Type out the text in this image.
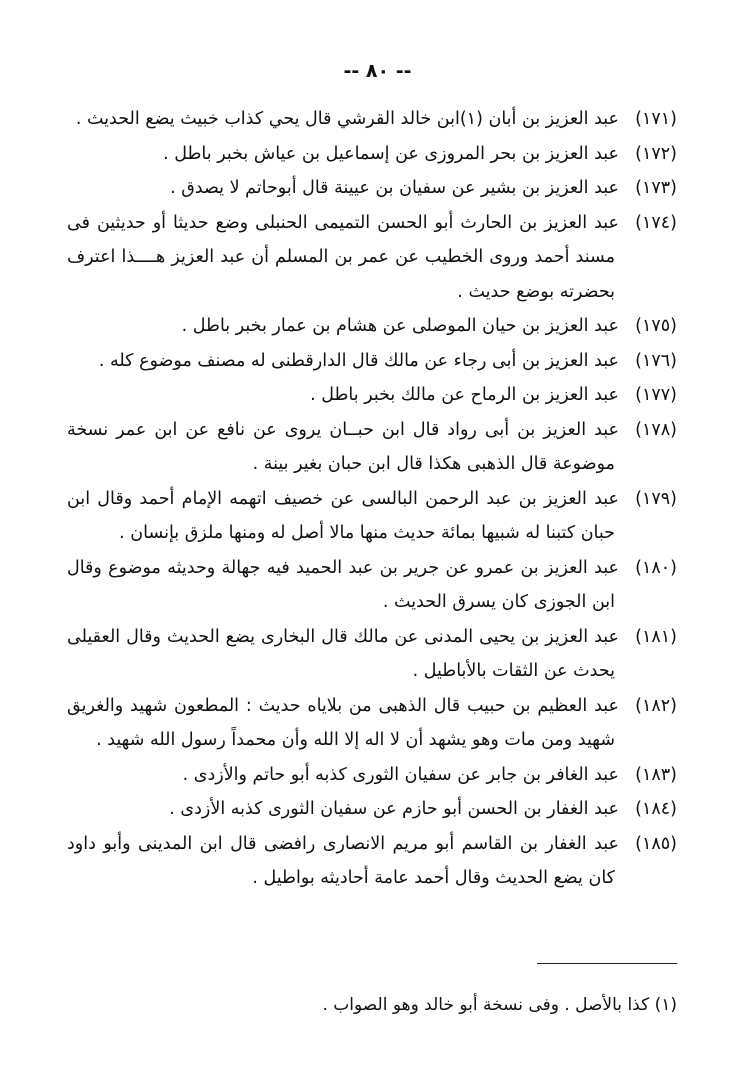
-- ٨٠ --

(١٧١)عبد العزيز بن أبان (١)ابن خالد القرشي قال يحي كذاب خبيث يضع الحديث .

(١٧٢)عبد العزيز بن بحر المروزى عن إسماعيل بن عياش بخبر باطل .

(١٧٣)عبد العزيز بن بشير عن سفيان بن عيينة قال أبوحاتم لا يصدق .

(١٧٤)عبد العزيز بن الحارث أبو الحسن التميمى الحنبلى وضع حديثا أو حديثين فى مسند أحمد وروى الخطيب عن عمر بن المسلم أن عبد العزيز هــــذا اعترف بحضرته بوضع حديث .

(١٧٥)عبد العزيز بن حيان الموصلى عن هشام بن عمار بخبر باطل .

(١٧٦)عبد العزيز بن أبى رجاء عن مالك قال الدارقطنى له مصنف موضوع كله .

(١٧٧)عبد العزيز بن الرماح عن مالك بخبر باطل .

(١٧٨)عبد العزيز بن أبى رواد قال ابن حبــان يروى عن نافع عن ابن عمر نسخة موضوعة قال الذهبى هكذا قال ابن حبان بغير بينة .

(١٧٩)عبد العزيز بن عبد الرحمن البالسى عن خصيف اتهمه الإمام أحمد وقال ابن حبان كتبنا له شبيها بمائة حديث منها مالا أصل له ومنها ملزق بإنسان .

(١٨٠)عبد العزيز بن عمرو عن جرير بن عبد الحميد فيه جهالة وحديثه موضوع وقال ابن الجوزى كان يسرق الحديث .

(١٨١)عبد العزيز بن يحيى المدنى عن مالك قال البخارى يضع الحديث وقال العقيلى يحدث عن الثقات بالأباطيل .

(١٨٢)عبد العظيم بن حبيب قال الذهبى من بلاياه حديث : المطعون شهيد والغريق شهيد ومن مات وهو يشهد أن لا اله إلا الله وأن محمداً رسول الله شهيد .

(١٨٣)عبد الغافر بن جابر عن سفيان الثورى كذبه أبو حاتم والأزدى .

(١٨٤)عبد الغفار بن الحسن أبو حازم عن سفيان الثورى كذبه الأزدى .

(١٨٥)عبد الغفار بن القاسم أبو مريم الانصارى رافضى قال ابن المدينى وأبو داود كان يضع الحديث وقال أحمد عامة أحاديثه بواطيل .

(١) كذا بالأصل . وفى نسخة أبو خالد وهو الصواب .
